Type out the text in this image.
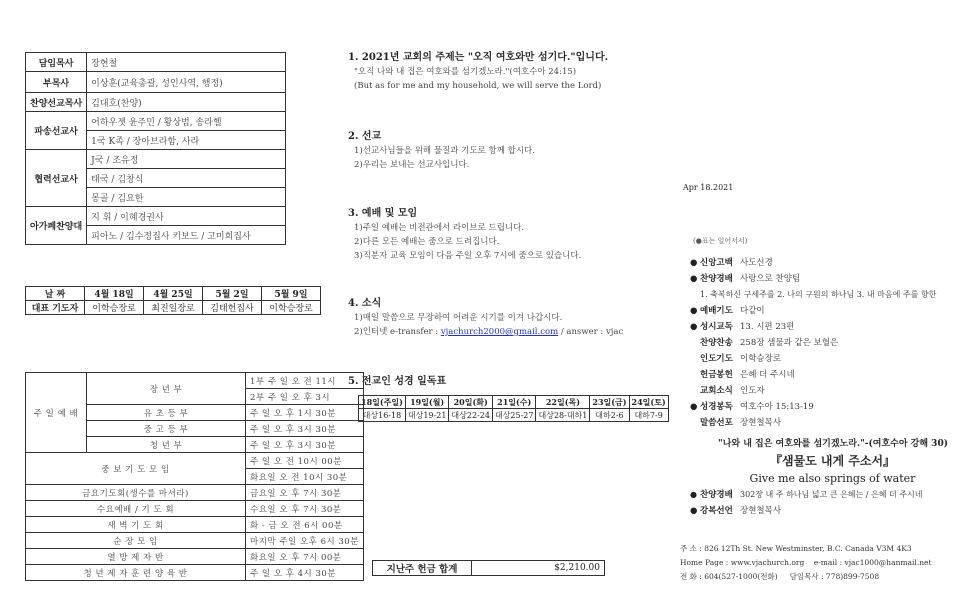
담임목사	장현철
부목사	이상훈(교육총괄, 성인사역, 행정)
찬양선교목사	김대호(찬양)
파송선교사	어하우젯 윤주민 / 황상범, 송라헬
	1국 K족 / 장아브라함, 사라
협력선교사	J국 / 조유정
	태국 / 김창식
	몽골 / 김요한
아가페찬양대	지 휘 / 이혜경권사
	피아노 / 김수정집사 키보드 / 고미희집사
날 짜	4월 18일	4월 25일	5월 2일	5월 9일
대표 기도자	이학승장로	최진일장로	김태헌집사	이학승장로
주 일 예 배	장 년 부	1부 주 일 오 전 11시
		2부 주 일 오 후 3시
	유 초 등 부	주 일 오 후 1시 30분
	중 고 등 부	주 일 오 후 3시 30분
	청 년 부	주 일 오 후 3시 30분
중 보 기 도 모 임		주 일 오 전 10시 00분
		화요일 오 전 10시 30분
금요기도회(생수를 마셔라)		금요일 오 후 7시 30분
수요예배 / 기 도 회		수요일 오 후 7시 30분
새 벽 기 도 회		화 - 금 오 전 6시 00분
순 장 모 임		마지막 주일 오후 6시 30분
열 방 제 자 반		화요일 오 후 7시 00분
청 년 제 자 훈 련 양 육 반		주 일 오 후 4시 30분
1. 2021년 교회의 주제는 "오직 여호와만 섬기다."입니다.

"오직 나와 내 집은 여호와를 섬기겠노라."(여호수아 24:15)

(But as for me and my household, we will serve the Lord)

2. 선교

1)선교사님들을 위해 물질과 기도로 함께 합시다.

2)우리는 보내는 선교사입니다.

3. 예배 및 모임

1)주일 예배는 비전관에서 라이브로 드립니다.

2)다른 모든 예배는 줌으로 드려집니다.

3)직분자 교육 모임이 다음 주일 오후 7시에 줌으로 있습니다.

4. 소식

1)매일 말씀으로 무장하여 어려운 시기를 이겨 나갑시다.

2)인터넷 e-transfer : vjachurch2000@gmail.com / answer : vjac

5. 전교인 성경 일독표
18일(주일)	19일(월)	20일(화)	21일(수)	22일(목)	23일(금)	24일(토)
대상16-18	대상19-21	대상22-24	대상25-27	대상28-대하1	대하2-6	대하7-9
지난주 헌금 합계	$2,210.00
Apr 18.2021
(●표는 일어서서)
● 신앙고백 사도신경
● 찬양경배 사랑으로 찬양팀
1. 축복하신 구세주를 2. 나의 구원의 하나님 3. 내 마음에 주를 향한
● 예배기도 다같이
● 성시교독 13. 시편 23편
찬양찬송 258장 샘물과 같은 보혈은
인도기도 이학승장로
헌금봉헌 은혜 더 주시네
교회소식 인도자
● 성경봉독 여호수아 15:13-19
말씀선포 장현철목사
"나와 내 집은 여호와를 섬기겠노라."-(여호수아 강해 30)
『샘물도 내게 주소서』
Give me also springs of water
● 찬양경배 302장 내 주 하나님 넓고 큰 은혜는 / 은혜 더 주시네
● 강복선언 장현철목사
주 소 : 826 12Th St. New Westminster, B.C. Canada V3M 4K3
Home Page : www.vjachurch.org e-mail : vjac1000@hanmail.net
전 화 : 604(527-1000(전화) 담임목사 : 778)899-7508
